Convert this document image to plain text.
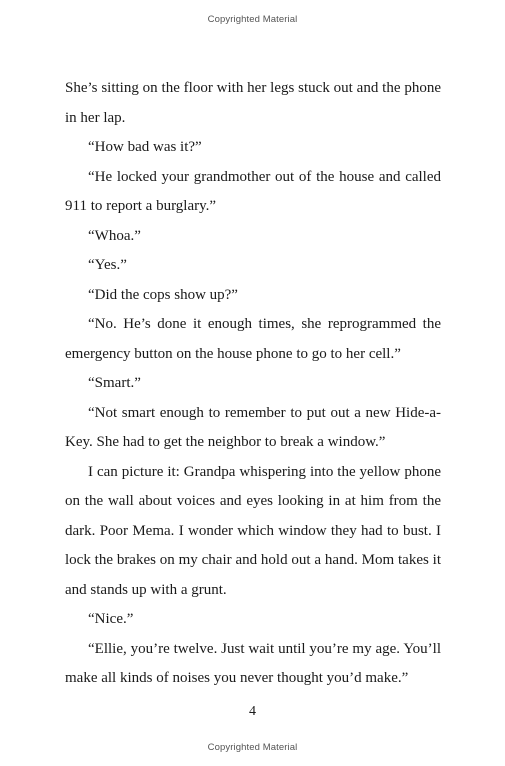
Copyrighted Material

She’s sitting on the floor with her legs stuck out and the phone in her lap.

“How bad was it?”

“He locked your grandmother out of the house and called 911 to report a burglary.”

“Whoa.”

“Yes.”

“Did the cops show up?”

“No. He’s done it enough times, she reprogrammed the emergency button on the house phone to go to her cell.”

“Smart.”

“Not smart enough to remember to put out a new Hide-a-Key. She had to get the neighbor to break a window.”

I can picture it: Grandpa whispering into the yellow phone on the wall about voices and eyes looking in at him from the dark. Poor Mema. I wonder which window they had to bust. I lock the brakes on my chair and hold out a hand. Mom takes it and stands up with a grunt.

“Nice.”

“Ellie, you’re twelve. Just wait until you’re my age. You’ll make all kinds of noises you never thought you’d make.”

4
Copyrighted Material
